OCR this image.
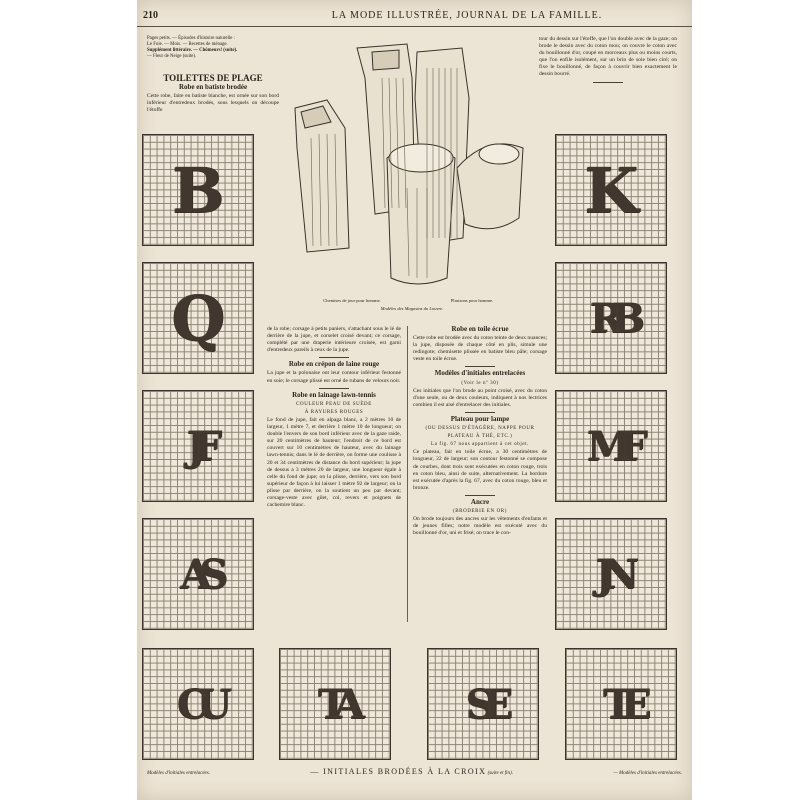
210	LA MODE ILLUSTRÉE, JOURNAL DE LA FAMILLE.
Pages petits. — Épisodes d'histoire naturelle :
Le Foie. — Mois. — Recettes de ménage.
Supplément littéraire. — Chômeurs! (suite).
— Fleur de Neige (suite).
TOILETTES DE PLAGE
Robe en batiste brodée

Cette robe, faite en batiste blanche, est ornée sur son bord inférieur d'entredeux brodés, sous lesquels on découpe l'étoffe

Chemises de jour pour homme.	Plastrons pour homme.
Modèles des Magasins du Louvre.

tour du dessin sur l'étoffe, que l'on double avec de la gaze; on brode le dessin avec du coton mou; on couvre le coton avec du bouillonné d'or, coupé en morceaux plus ou moins courts, que l'on enfile isolément, sur un brin de soie bien ciré; on fixe le bouillonné, de façon à couvrir bien exactement le dessin bourré.

de la robe; corsage à petits paniers, s'attachant sous le lé de derrière de la jupe, et corselet croisé devant; ce corsage, complété par une draperie intérieure croisée, est garni d'entredeux pareils à ceux de la jupe.

Robe en crépon de laine rouge

La jupe et la polonaise ont leur contour inférieur festonné en soie; le corsage plissé est orné de rubans de velours noir.

Robe en lainage lawn-tennis
COULEUR PEAU DE SUÈDE
À RAYURES ROUGES

Le fond de jupe, fait en alpaga blanc, a 2 mètres 10 de largeur, 1 mètre 7, et derrière 1 mètre 10 de longueur; on double l'envers de son bord inférieur avec de la gaze raide, sur 20 centimètres de hauteur; l'endroit de ce bord est couvert sur 10 centimètres de hauteur, avec du lainage lawn-tennis; dans le lé de derrière, on forme une coulisse à 20 et 34 centimètres de distance du bord supérieur; la jupe de dessus a 3 mètres 20 de largeur, une longueur égale à celle du fond de jupe; on la plisse, derrière, vers son bord supérieur de façon à lui laisser 1 mètre 92 de largeur; on la plisse par derrière, on la soutient un peu par devant; corsage-veste avec gilet, col, revers et poignets de cachemire blanc.

Robe en toile écrue

Cette robe est brodée avec du coton teinte de deux nuances; la jupe, disposée de chaque côté en plis, simule une redingote; chemisette plissée en batiste bleu pâle; corsage veste en toile écrue.

Modèles d'initiales entrelacées
(Voir le nº 30)

Ces initiales que l'on brode au point croisé, avec du coton d'une seule, ou de deux couleurs, indiquent à nos lectrices combien il est aisé d'entrelacer des initiales.

Plateau pour lampe
(OU DESSUS D'ÉTAGÈRE, NAPPE POUR
PLATEAU À THÉ, ETC.)
La fig. 67 nous appartient à cet objet.

Ce plateau, fait en toile écrue, a 30 centimètres de longueur, 22 de largeur; son contour festonné se compose de courbes, dont trois sont exécutées en coton rouge, trois en coton bleu, ainsi de suite, alternativement. La bordure est exécutée d'après la fig. 67, avec du coton rouge, bleu et bronze.

Ancre
(BRODERIE EN OR)

On brode toujours des ancres sur les vêtements d'enfants et de jeunes filles; notre modèle est exécuté avec du bouillonné d'or, uni et frisé; on trace le con-

B
Q
JF
AS
K
RB
MF
JN
CU	TA	SE	TE
Modèles d'initiales entrelacées.	— INITIALES BRODÉES À LA CROIX (suite et fin).	— Modèles d'initiales entrelacées.
